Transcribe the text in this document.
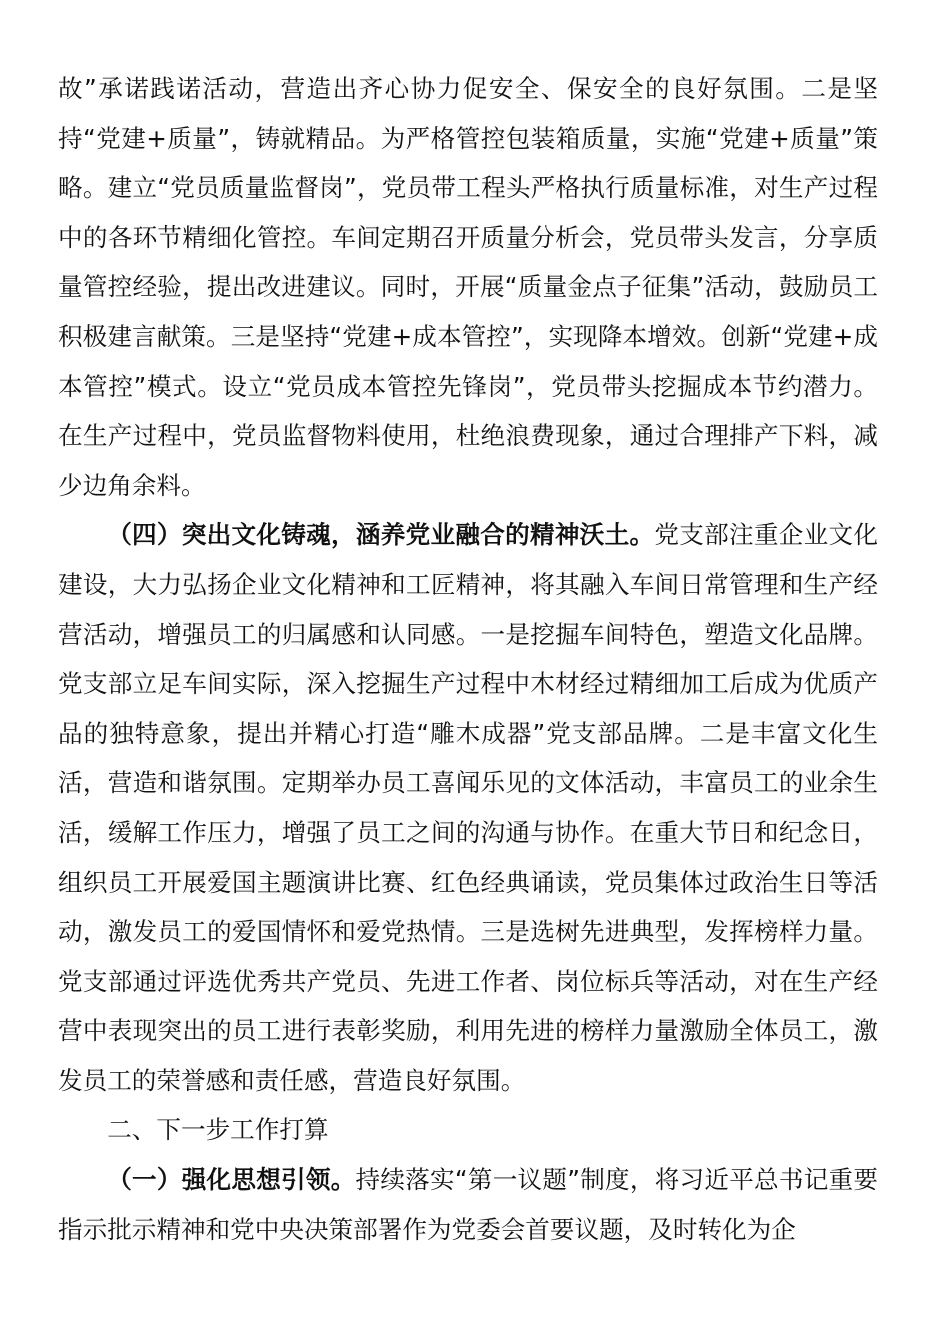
故”承诺践诺活动，营造出齐心协力促安全、保安全的良好氛围。二是坚持“党建+质量”，铸就精品。为严格管控包装箱质量，实施“党建+质量”策略。建立“党员质量监督岗”，党员带工程头严格执行质量标准，对生产过程中的各环节精细化管控。车间定期召开质量分析会，党员带头发言，分享质量管控经验，提出改进建议。同时，开展“质量金点子征集”活动，鼓励员工积极建言献策。三是坚持“党建+成本管控”，实现降本增效。创新“党建+成本管控”模式。设立“党员成本管控先锋岗”，党员带头挖掘成本节约潜力。在生产过程中，党员监督物料使用，杜绝浪费现象，通过合理排产下料，减少边角余料。

（四）突出文化铸魂，涵养党业融合的精神沃土。党支部注重企业文化建设，大力弘扬企业文化精神和工匠精神，将其融入车间日常管理和生产经营活动，增强员工的归属感和认同感。一是挖掘车间特色，塑造文化品牌。党支部立足车间实际，深入挖掘生产过程中木材经过精细加工后成为优质产品的独特意象，提出并精心打造“雕木成器”党支部品牌。二是丰富文化生活，营造和谐氛围。定期举办员工喜闻乐见的文体活动，丰富员工的业余生活，缓解工作压力，增强了员工之间的沟通与协作。在重大节日和纪念日，组织员工开展爱国主题演讲比赛、红色经典诵读，党员集体过政治生日等活动，激发员工的爱国情怀和爱党热情。三是选树先进典型，发挥榜样力量。党支部通过评选优秀共产党员、先进工作者、岗位标兵等活动，对在生产经营中表现突出的员工进行表彰奖励，利用先进的榜样力量激励全体员工，激发员工的荣誉感和责任感，营造良好氛围。

二、下一步工作打算

（一）强化思想引领。持续落实“第一议题”制度，将习近平总书记重要指示批示精神和党中央决策部署作为党委会首要议题，及时转化为企
